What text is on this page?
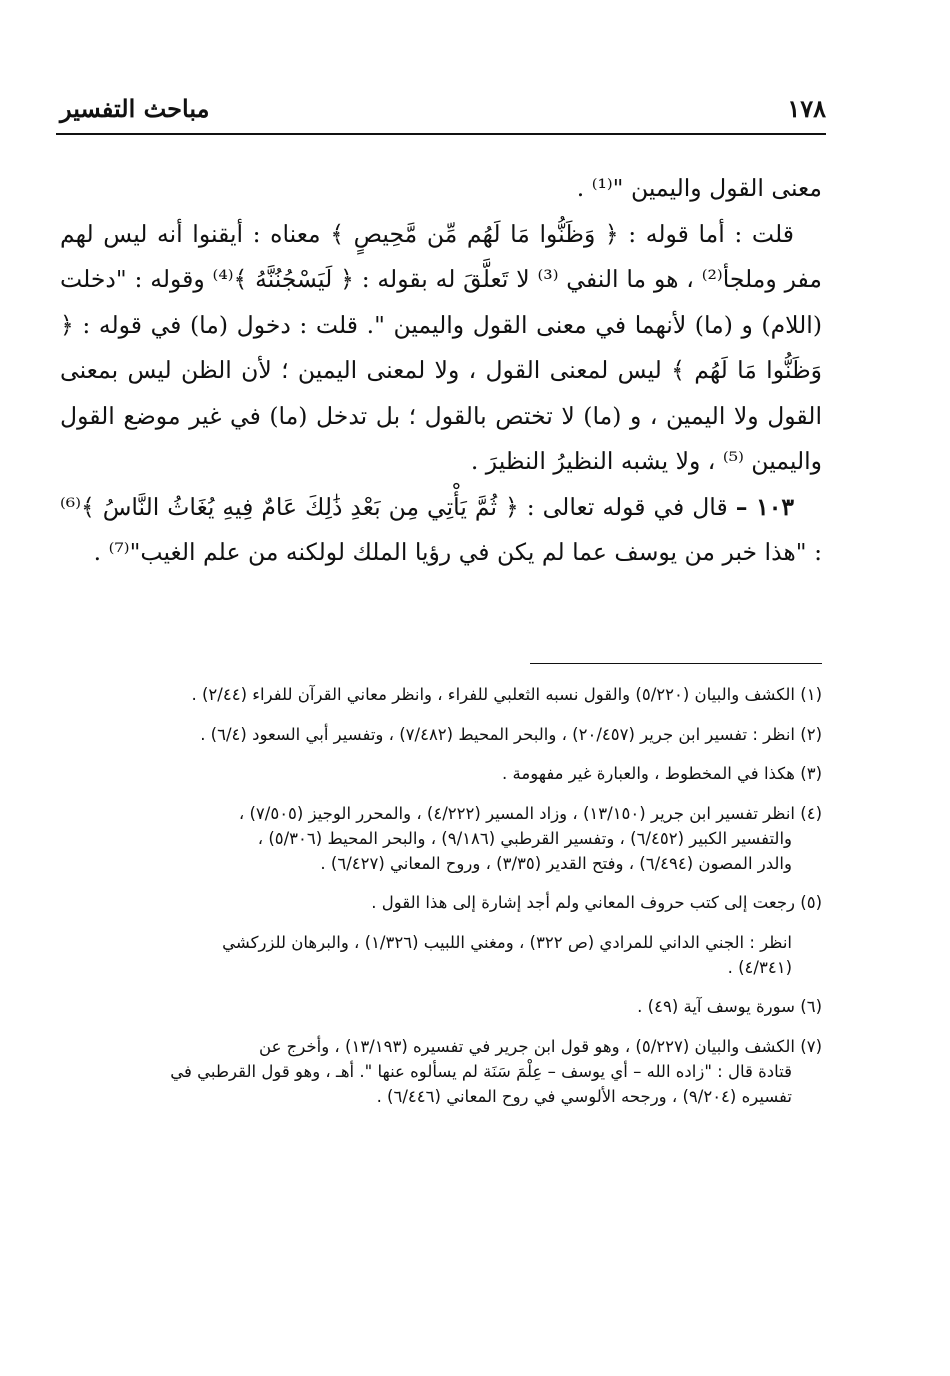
١٧٨
مباحث التفسير

معنى القول واليمين "⁽¹⁾ .

قلت : أما قوله : ﴿ وَظَنُّوا مَا لَهُم مِّن مَّحِيصٍ ﴾ معناه : أيقنوا أنه ليس لهم مفر وملجأ⁽²⁾ ، هو ما النفي ⁽³⁾ لا تَعلَّقَ له بقوله : ﴿ لَيَسْجُنُنَّهُ ﴾⁽⁴⁾ وقوله : "دخلت (اللام) و (ما) لأنهما في معنى القول واليمين ". قلت : دخول (ما) في قوله : ﴿ وَظَنُّوا مَا لَهُم ﴾ ليس لمعنى القول ، ولا لمعنى اليمين ؛ لأن الظن ليس بمعنى القول ولا اليمين ، و (ما) لا تختص بالقول ؛ بل تدخل (ما) في غير موضع القول واليمين ⁽⁵⁾ ، ولا يشبه النظيرُ النظيرَ .

١٠٣ – قال في قوله تعالى : ﴿ ثُمَّ يَأْتِي مِن بَعْدِ ذَٰلِكَ عَامٌ فِيهِ يُغَاثُ النَّاسُ ﴾⁽⁶⁾ : "هذا خبر من يوسف عما لم يكن في رؤيا الملك لولكنه من علم الغيب"⁽⁷⁾ .

(١) الكشف والبيان (٥/٢٢٠) والقول نسبه الثعلبي للفراء ، وانظر معاني القرآن للفراء (٢/٤٤) .
(٢) انظر : تفسير ابن جرير (٢٠/٤٥٧) ، والبحر المحيط (٧/٤٨٢) ، وتفسير أبي السعود (٦/٤) .
(٣) هكذا في المخطوط ، والعبارة غير مفهومة .
(٤) انظر تفسير ابن جرير (١٣/١٥٠) ، وزاد المسير (٤/٢٢٢) ، والمحرر الوجيز (٧/٥٠٥) ،
والتفسير الكبير (٦/٤٥٢) ، وتفسير القرطبي (٩/١٨٦) ، والبحر المحيط (٥/٣٠٦) ،
والدر المصون (٦/٤٩٤) ، وفتح القدير (٣/٣٥) ، وروح المعاني (٦/٤٢٧) .
(٥) رجعت إلى كتب حروف المعاني ولم أجد إشارة إلى هذا القول .
انظر : الجني الداني للمرادي (ص ٣٢٢) ، ومغني اللبيب (١/٣٢٦) ، والبرهان للزركشي
(٤/٣٤١) .
(٦) سورة يوسف آية (٤٩) .
(٧) الكشف والبيان (٥/٢٢٧) ، وهو قول ابن جرير في تفسيره (١٣/١٩٣) ، وأخرج عن
قتادة قال : "زاده الله – أي يوسف – عِلْمَ سَنَة لم يسألوه عنها ". أهـ ، وهو قول القرطبي في
تفسيره (٩/٢٠٤) ، ورجحه الألوسي في روح المعاني (٦/٤٤٦) .
